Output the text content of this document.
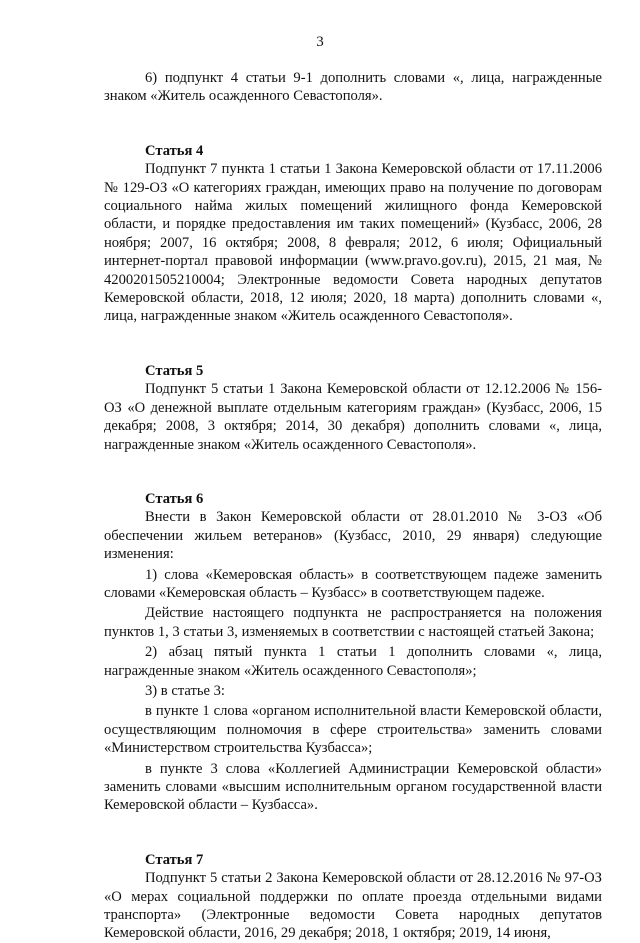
3

6) подпункт 4 статьи 9-1 дополнить словами «, лица, награжденные знаком «Житель осажденного Севастополя».

Статья 4

Подпункт 7 пункта 1 статьи 1 Закона Кемеровской области от 17.11.2006 № 129-ОЗ «О категориях граждан, имеющих право на получение по договорам социального найма жилых помещений жилищного фонда Кемеровской области, и порядке предоставления им таких помещений» (Кузбасс, 2006, 28 ноября; 2007, 16 октября; 2008, 8 февраля; 2012, 6 июля; Официальный интернет-портал правовой информации (www.pravo.gov.ru), 2015, 21 мая, № 4200201505210004; Электронные ведомости Совета народных депутатов Кемеровской области, 2018, 12 июля; 2020, 18 марта) дополнить словами «, лица, награжденные знаком «Житель осажденного Севастополя».

Статья 5

Подпункт 5 статьи 1 Закона Кемеровской области от 12.12.2006 № 156-ОЗ «О денежной выплате отдельным категориям граждан» (Кузбасс, 2006, 15 декабря; 2008, 3 октября; 2014, 30 декабря) дополнить словами «, лица, награжденные знаком «Житель осажденного Севастополя».

Статья 6

Внести в Закон Кемеровской области от 28.01.2010 № 3-ОЗ «Об обеспечении жильем ветеранов» (Кузбасс, 2010, 29 января) следующие изменения:

1) слова «Кемеровская область» в соответствующем падеже заменить словами «Кемеровская область – Кузбасс» в соответствующем падеже.

Действие настоящего подпункта не распространяется на положения пунктов 1, 3 статьи 3, изменяемых в соответствии с настоящей статьей Закона;

2) абзац пятый пункта 1 статьи 1 дополнить словами «, лица, награжденные знаком «Житель осажденного Севастополя»;

3) в статье 3:

в пункте 1 слова «органом исполнительной власти Кемеровской области, осуществляющим полномочия в сфере строительства» заменить словами «Министерством строительства Кузбасса»;

в пункте 3 слова «Коллегией Администрации Кемеровской области» заменить словами «высшим исполнительным органом государственной власти Кемеровской области – Кузбасса».

Статья 7

Подпункт 5 статьи 2 Закона Кемеровской области от 28.12.2016 № 97-ОЗ «О мерах социальной поддержки по оплате проезда отдельными видами транспорта» (Электронные ведомости Совета народных депутатов Кемеровской области, 2016, 29 декабря; 2018, 1 октября; 2019, 14 июня,
